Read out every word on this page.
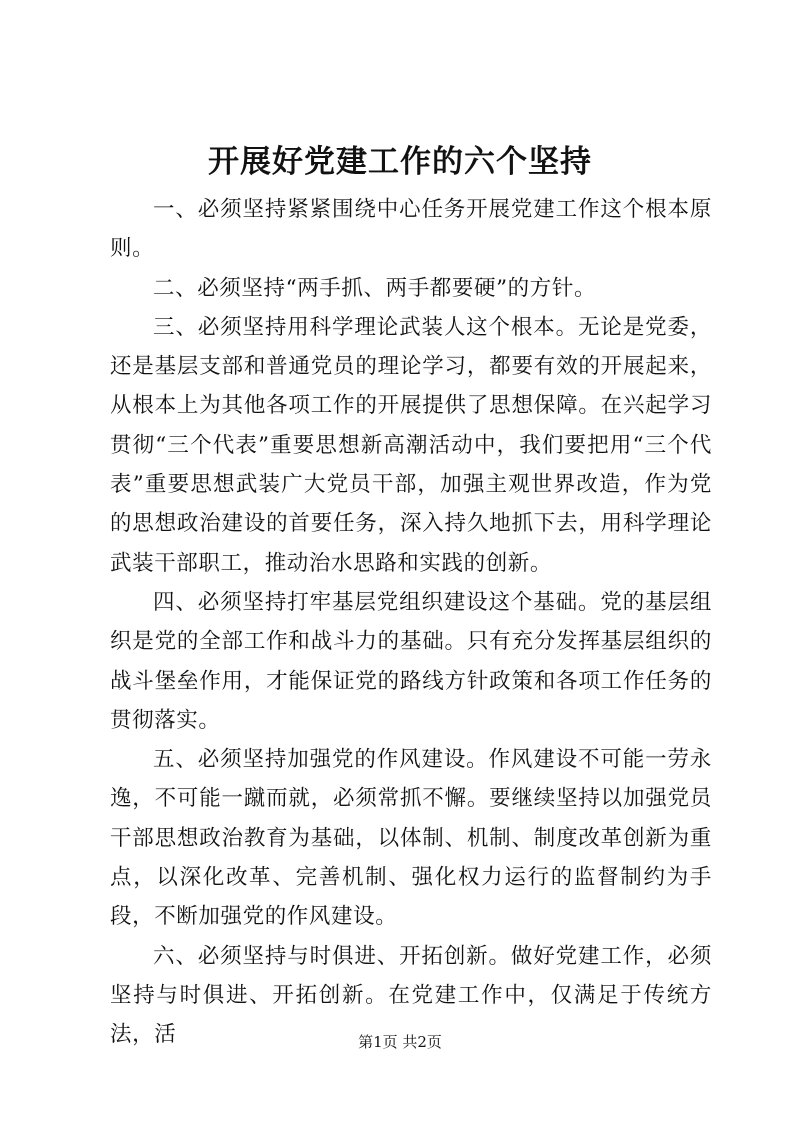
开展好党建工作的六个坚持

一、必须坚持紧紧围绕中心任务开展党建工作这个根本原则。

二、必须坚持“两手抓、两手都要硬”的方针。

三、必须坚持用科学理论武装人这个根本。无论是党委，还是基层支部和普通党员的理论学习，都要有效的开展起来，从根本上为其他各项工作的开展提供了思想保障。在兴起学习贯彻“三个代表”重要思想新高潮活动中，我们要把用“三个代表”重要思想武装广大党员干部，加强主观世界改造，作为党的思想政治建设的首要任务，深入持久地抓下去，用科学理论武装干部职工，推动治水思路和实践的创新。

四、必须坚持打牢基层党组织建设这个基础。党的基层组织是党的全部工作和战斗力的基础。只有充分发挥基层组织的战斗堡垒作用，才能保证党的路线方针政策和各项工作任务的贯彻落实。

五、必须坚持加强党的作风建设。作风建设不可能一劳永逸，不可能一蹴而就，必须常抓不懈。要继续坚持以加强党员干部思想政治教育为基础，以体制、机制、制度改革创新为重点，以深化改革、完善机制、强化权力运行的监督制约为手段，不断加强党的作风建设。

六、必须坚持与时俱进、开拓创新。做好党建工作，必须坚持与时俱进、开拓创新。在党建工作中，仅满足于传统方法，活	第1页 共2页
